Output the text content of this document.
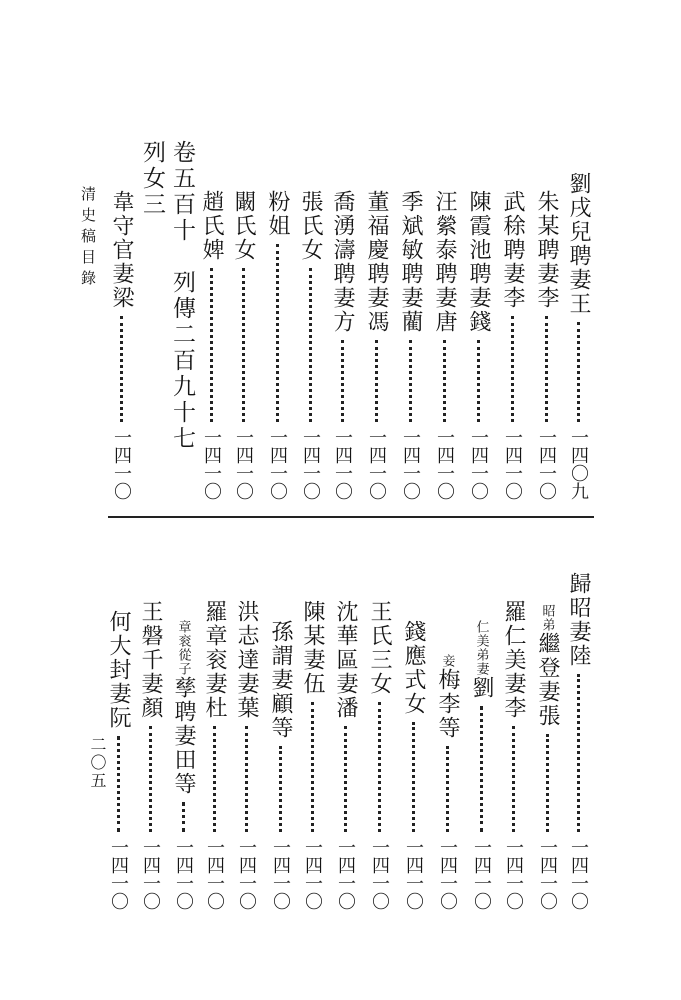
清史稿目錄
二〇五
卷五百十　列傳二百九十七
列女三	劉戌兒聘妻王
一四〇九
朱某聘妻李
一四一〇
武稌聘妻李
一四一〇
陳霞池聘妻錢
一四一〇
汪縈泰聘妻唐
一四一〇
季斌敏聘妻藺
一四一〇
董福慶聘妻馮
一四一〇
喬湧濤聘妻方
一四一〇
張氏女
一四一〇
粉姐
一四一〇
闞氏女
一四一〇
趙氏婢
一四一〇
韋守官妻梁
一四一〇
歸昭妻陸
一四一〇
昭弟
繼登妻張
一四一〇
羅仁美妻李
一四一〇
仁美弟妻
劉
一四一〇
妾
梅李等
一四一〇
錢應式女
一四一〇
王氏三女
一四一〇
沈華區妻潘
一四一〇
陳某妻伍
一四一〇
孫謂妻顧等
一四一〇
洪志達妻葉
一四一〇
羅章衮妻杜
一四一〇
章衮從子
孳聘妻田等
一四一〇
王磐千妻顏
一四一〇
何大封妻阮
一四一〇
